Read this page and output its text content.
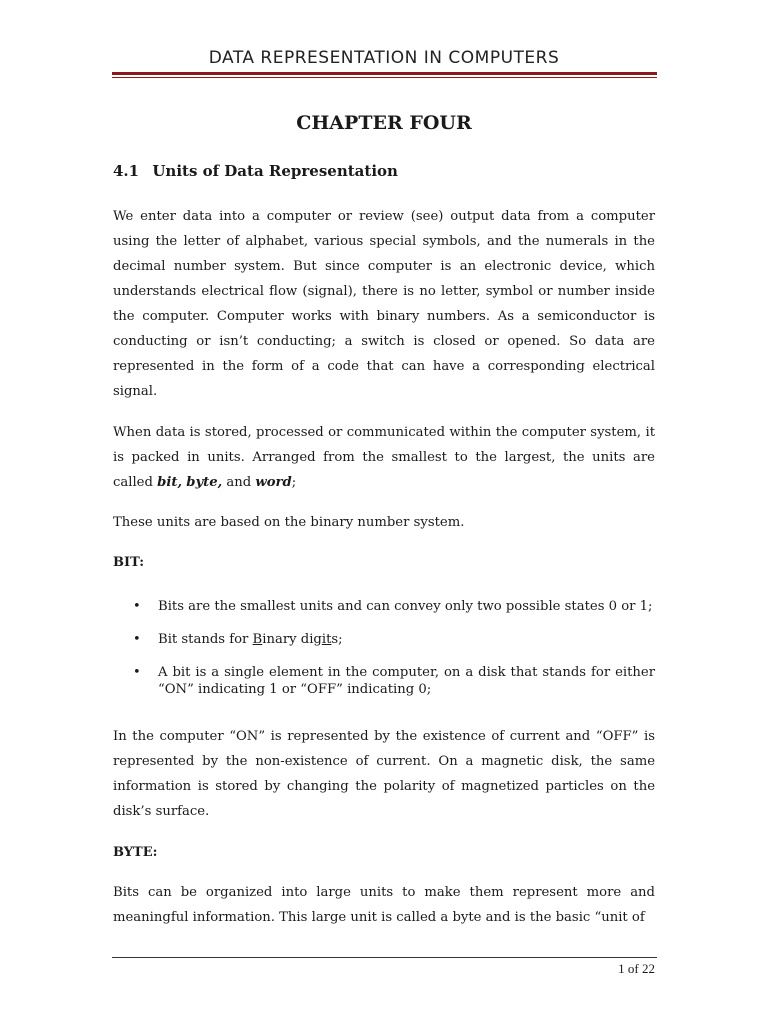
DATA REPRESENTATION IN COMPUTERS
CHAPTER FOUR
4.1 Units of Data Representation

We enter data into a computer or review (see) output data from a computer using the letter of alphabet, various special symbols, and the numerals in the decimal number system. But since computer is an electronic device, which understands electrical flow (signal), there is no letter, symbol or number inside the computer. Computer works with binary numbers. As a semiconductor is conducting or isn’t conducting; a switch is closed or opened. So data are represented in the form of a code that can have a corresponding electrical signal.

When data is stored, processed or communicated within the computer system, it is packed in units. Arranged from the smallest to the largest, the units are called bit, byte, and word;

These units are based on the binary number system.

BIT:
• Bits are the smallest units and can convey only two possible states 0 or 1;
• Bit stands for Binary digits;
• A bit is a single element in the computer, on a disk that stands for either “ON” indicating 1 or “OFF” indicating 0;

In the computer “ON” is represented by the existence of current and “OFF” is represented by the non-existence of current. On a magnetic disk, the same information is stored by changing the polarity of magnetized particles on the disk’s surface.

BYTE:

Bits can be organized into large units to make them represent more and meaningful information. This large unit is called a byte and is the basic “unit of

1 of 22
